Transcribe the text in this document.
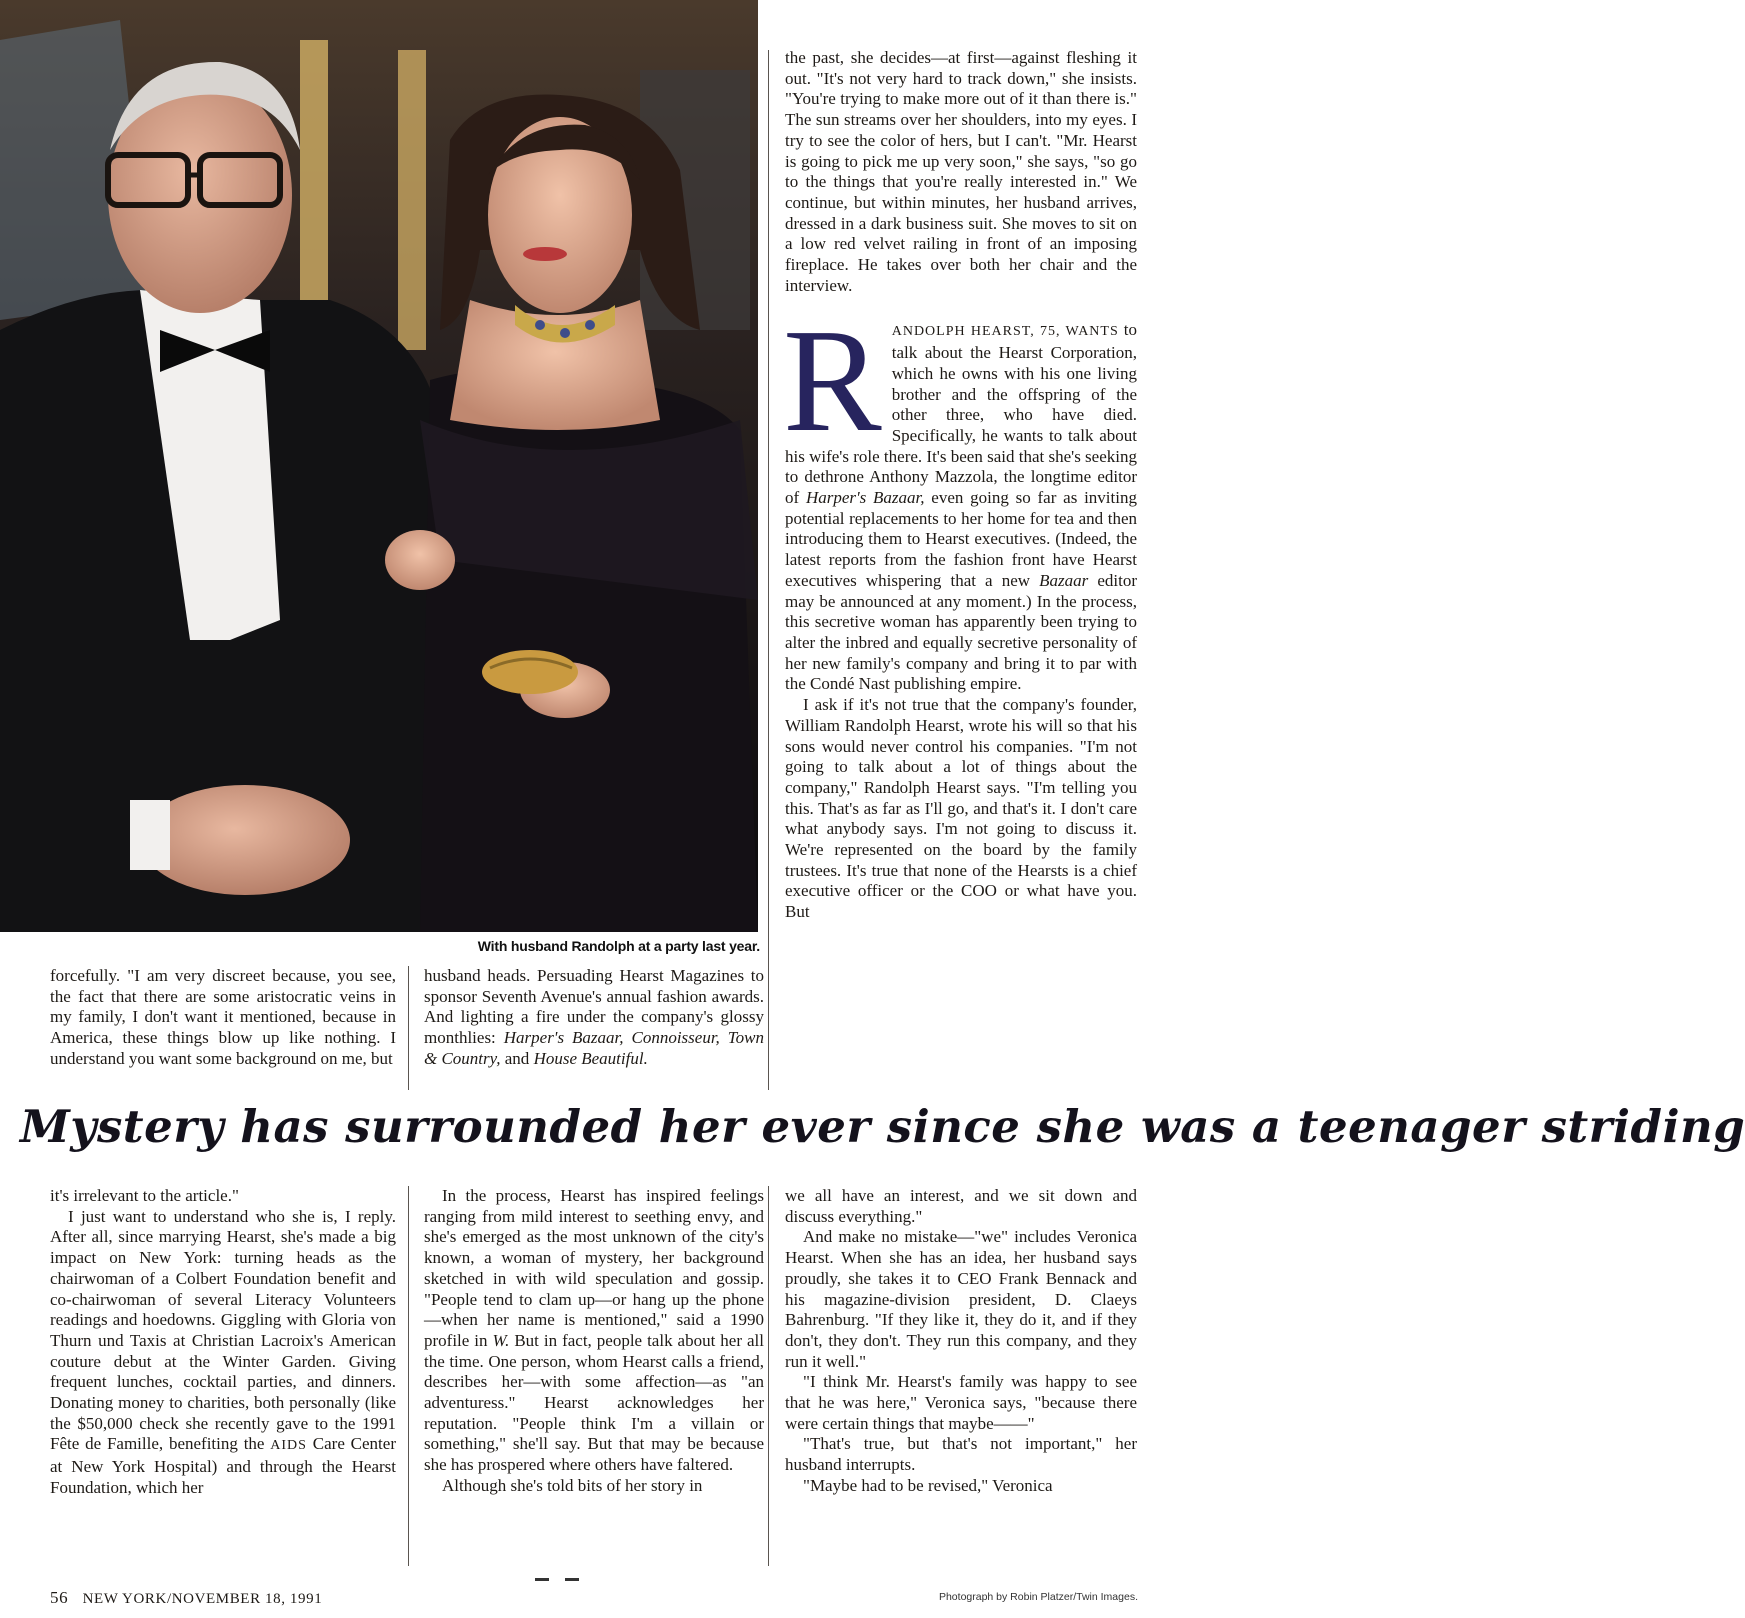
With husband Randolph at a party last year.

the past, she decides—at first—against fleshing it out. "It's not very hard to track down," she insists. "You're trying to make more out of it than there is." The sun streams over her shoulders, into my eyes. I try to see the color of hers, but I can't. "Mr. Hearst is going to pick me up very soon," she says, "so go to the things that you're really interested in." We continue, but within minutes, her husband arrives, dressed in a dark business suit. She moves to sit on a low red velvet railing in front of an imposing fireplace. He takes over both her chair and the interview.

RANDOLPH HEARST, 75, WANTS to talk about the Hearst Corporation, which he owns with his one living brother and the offspring of the other three, who have died. Specifically, he wants to talk about his wife's role there. It's been said that she's seeking to dethrone Anthony Mazzola, the longtime editor of Harper's Bazaar, even going so far as inviting potential replacements to her home for tea and then introducing them to Hearst executives. (Indeed, the latest reports from the fashion front have Hearst executives whispering that a new Bazaar editor may be announced at any moment.) In the process, this secretive woman has apparently been trying to alter the inbred and equally secretive personality of her new family's company and bring it to par with the Condé Nast publishing empire.

I ask if it's not true that the company's founder, William Randolph Hearst, wrote his will so that his sons would never control his companies. "I'm not going to talk about a lot of things about the company," Randolph Hearst says. "I'm telling you this. That's as far as I'll go, and that's it. I don't care what anybody says. I'm not going to discuss it. We're represented on the board by the family trustees. It's true that none of the Hearsts is a chief executive officer or the COO or what have you. But

forcefully. "I am very discreet because, you see, the fact that there are some aristocratic veins in my family, I don't want it mentioned, because in America, these things blow up like nothing. I understand you want some background on me, but

husband heads. Persuading Hearst Magazines to sponsor Seventh Avenue's annual fashion awards. And lighting a fire under the company's glossy monthlies: Harper's Bazaar, Connoisseur, Town & Country, and House Beautiful.

Mystery has surrounded her ever since she was a teenager striding

it's irrelevant to the article."

I just want to understand who she is, I reply. After all, since marrying Hearst, she's made a big impact on New York: turning heads as the chairwoman of a Colbert Foundation benefit and co-chairwoman of several Literacy Volunteers readings and hoedowns. Giggling with Gloria von Thurn und Taxis at Christian Lacroix's American couture debut at the Winter Garden. Giving frequent lunches, cocktail parties, and dinners. Donating money to charities, both personally (like the $50,000 check she recently gave to the 1991 Fête de Famille, benefiting the AIDS Care Center at New York Hospital) and through the Hearst Foundation, which her

In the process, Hearst has inspired feelings ranging from mild interest to seething envy, and she's emerged as the most unknown of the city's known, a woman of mystery, her background sketched in with wild speculation and gossip. "People tend to clam up—or hang up the phone—when her name is mentioned," said a 1990 profile in W. But in fact, people talk about her all the time. One person, whom Hearst calls a friend, describes her—with some affection—as "an adventuress." Hearst acknowledges her reputation. "People think I'm a villain or something," she'll say. But that may be because she has prospered where others have faltered.

Although she's told bits of her story in

we all have an interest, and we sit down and discuss everything."

And make no mistake—"we" includes Veronica Hearst. When she has an idea, her husband says proudly, she takes it to CEO Frank Bennack and his magazine-division president, D. Claeys Bahrenburg. "If they like it, they do it, and if they don't, they don't. They run this company, and they run it well."

"I think Mr. Hearst's family was happy to see that he was here," Veronica says, "because there were certain things that maybe——"

"That's true, but that's not important," her husband interrupts.

"Maybe had to be revised," Veronica

56 NEW YORK/NOVEMBER 18, 1991	Photograph by Robin Platzer/Twin Images.
